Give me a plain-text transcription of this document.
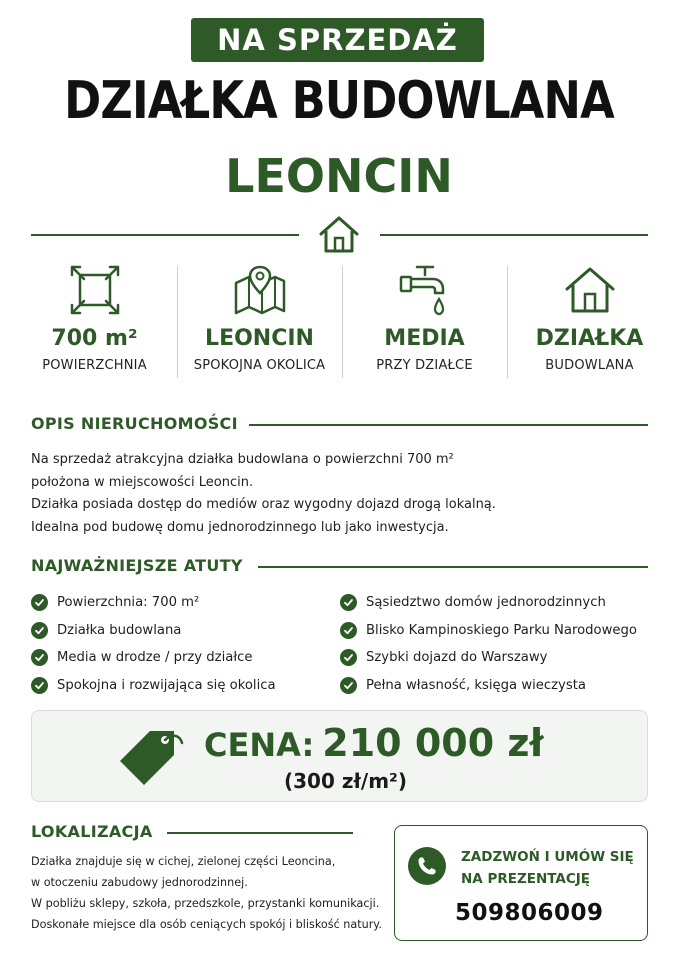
NA SPRZEDAŻ
DZIAŁKA BUDOWLANA
LEONCIN
700 m²
POWIERZCHNIA
LEONCIN
SPOKOJNA OKOLICA
MEDIA
PRZY DZIAŁCE
DZIAŁKA
BUDOWLANA
OPIS NIERUCHOMOŚCI
Na sprzedaż atrakcyjna działka budowlana o powierzchni 700 m²
położona w miejscowości Leoncin.
Działka posiada dostęp do mediów oraz wygodny dojazd drogą lokalną.
Idealna pod budowę domu jednorodzinnego lub jako inwestycja.
NAJWAŻNIEJSZE ATUTY
Powierzchnia: 700 m²
Działka budowlana
Media w drodze / przy działce
Spokojna i rozwijająca się okolica
Sąsiedztwo domów jednorodzinnych
Blisko Kampinoskiego Parku Narodowego
Szybki dojazd do Warszawy
Pełna własność, księga wieczysta
CENA: 210 000 zł
(300 zł/m²)
LOKALIZACJA
Działka znajduje się w cichej, zielonej części Leoncina,
w otoczeniu zabudowy jednorodzinnej.
W pobliżu sklepy, szkoła, przedszkole, przystanki komunikacji.
Doskonałe miejsce dla osób ceniących spokój i bliskość natury.
ZADZWOŃ I UMÓW SIĘ
NA PREZENTACJĘ
509806009
